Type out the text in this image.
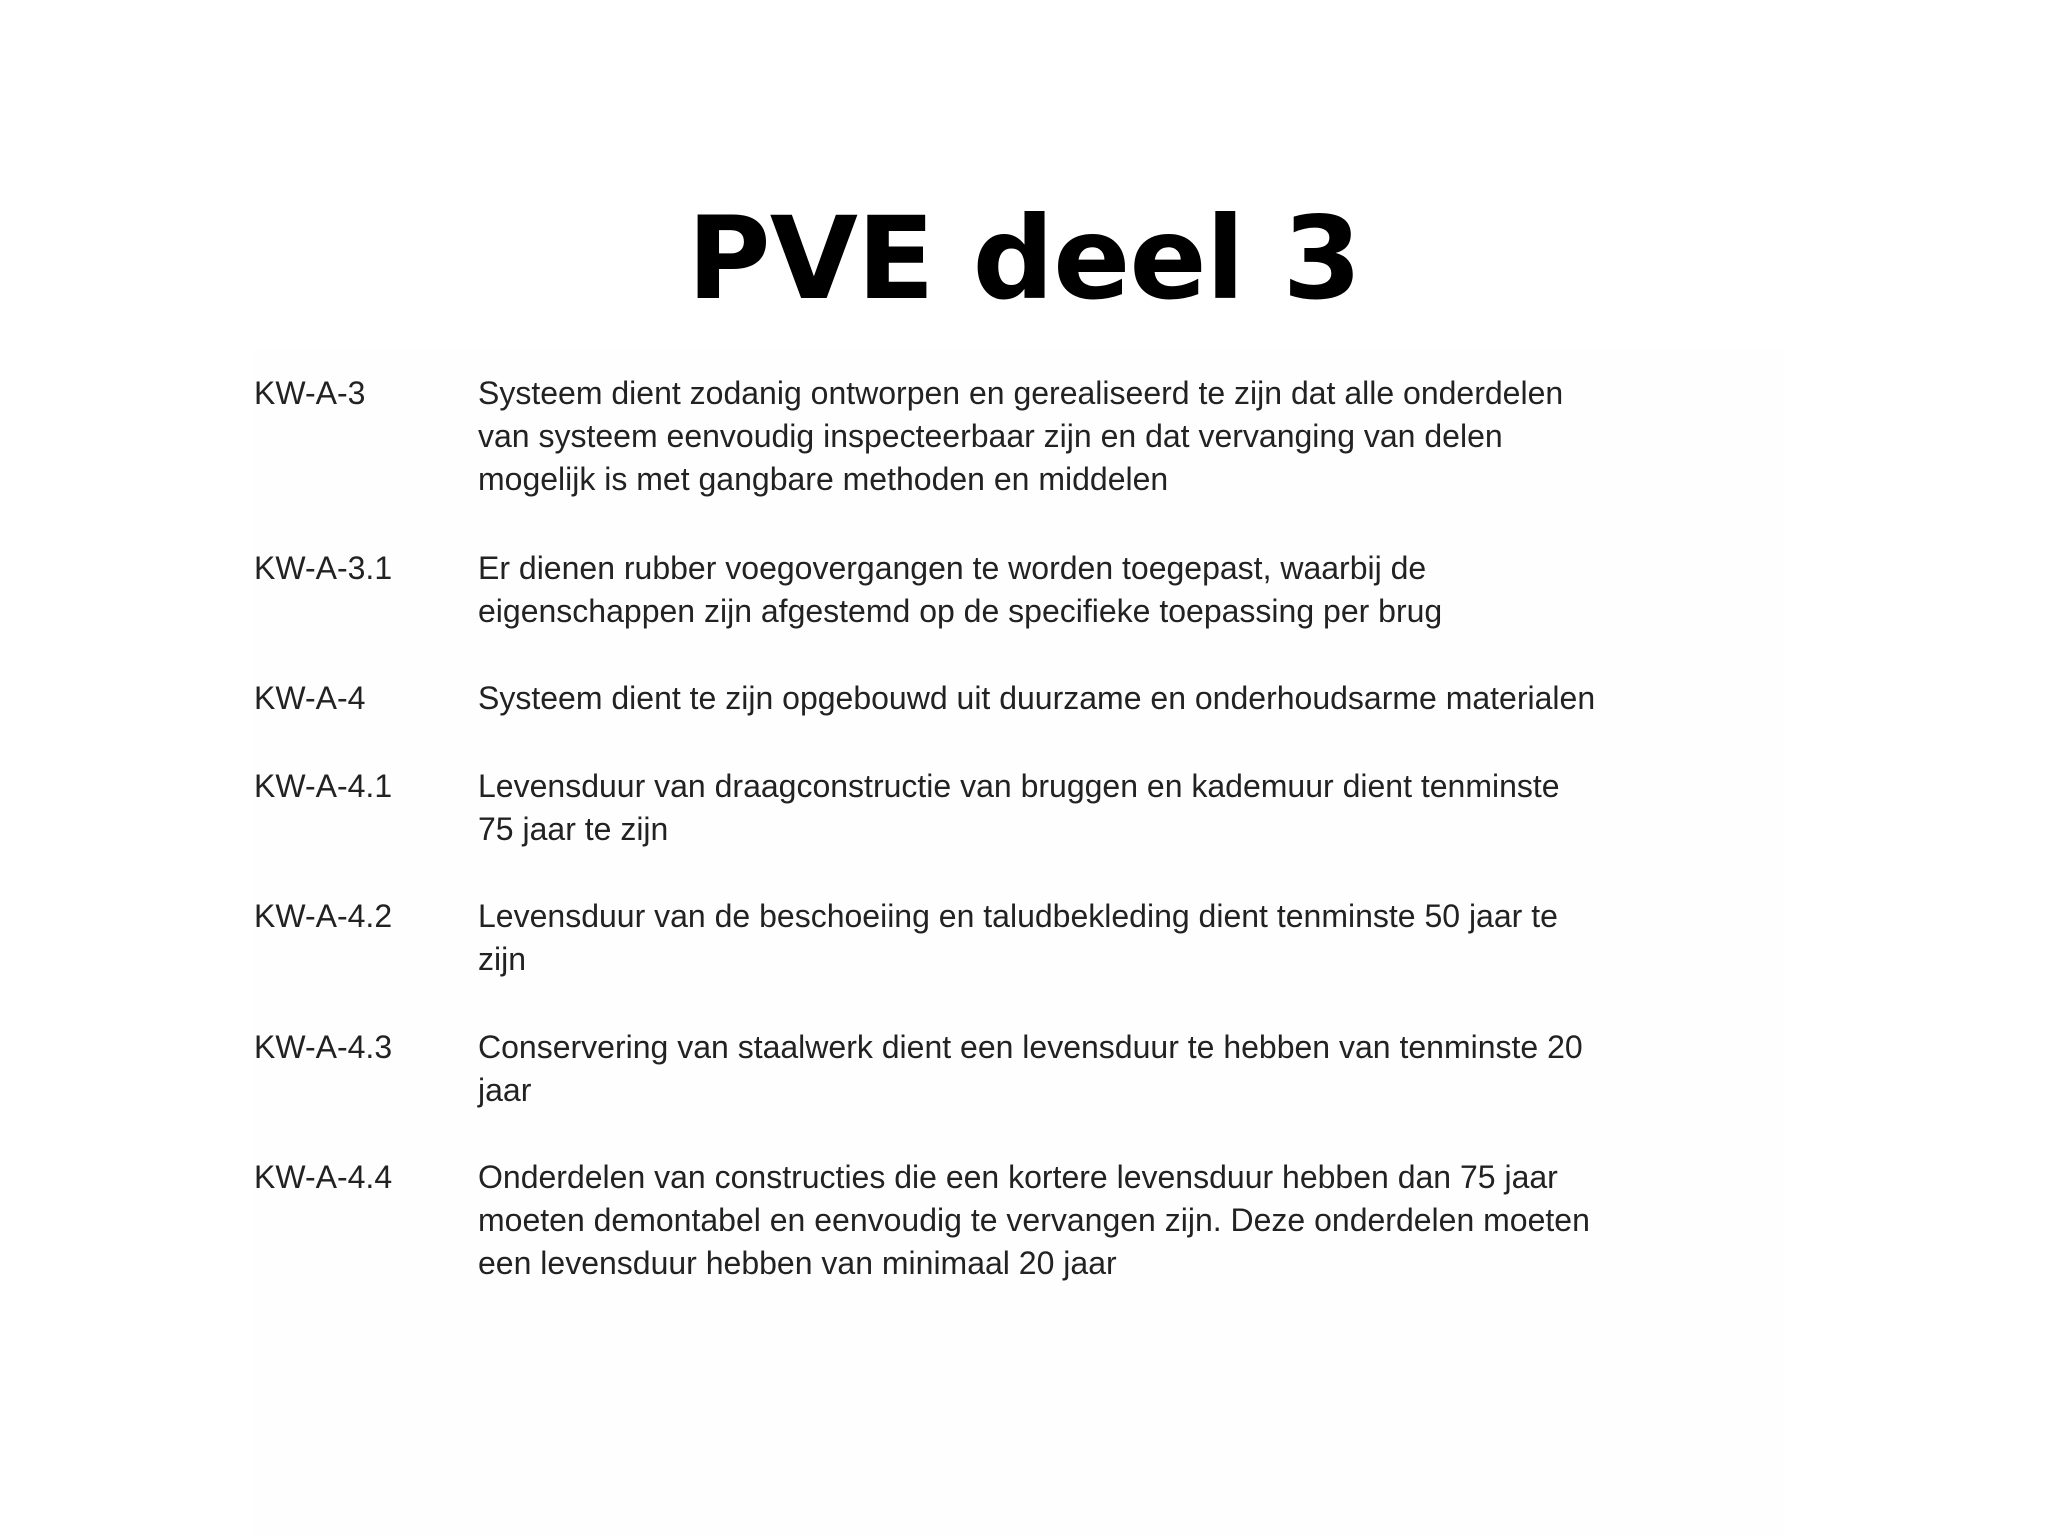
PVE deel 3
KW-A-3	Systeem dient zodanig ontworpen en gerealiseerd te zijn dat alle onderdelen
van systeem eenvoudig inspecteerbaar zijn en dat vervanging van delen
mogelijk is met gangbare methoden en middelen
KW-A-3.1	Er dienen rubber voegovergangen te worden toegepast, waarbij de
eigenschappen zijn afgestemd op de specifieke toepassing per brug
KW-A-4	Systeem dient te zijn opgebouwd uit duurzame en onderhoudsarme materialen
KW-A-4.1	Levensduur van draagconstructie van bruggen en kademuur dient tenminste
75 jaar te zijn
KW-A-4.2	Levensduur van de beschoeiing en taludbekleding dient tenminste 50 jaar te
zijn
KW-A-4.3	Conservering van staalwerk dient een levensduur te hebben van tenminste 20
jaar
KW-A-4.4	Onderdelen van constructies die een kortere levensduur hebben dan 75 jaar
moeten demontabel en eenvoudig te vervangen zijn. Deze onderdelen moeten
een levensduur hebben van minimaal 20 jaar
